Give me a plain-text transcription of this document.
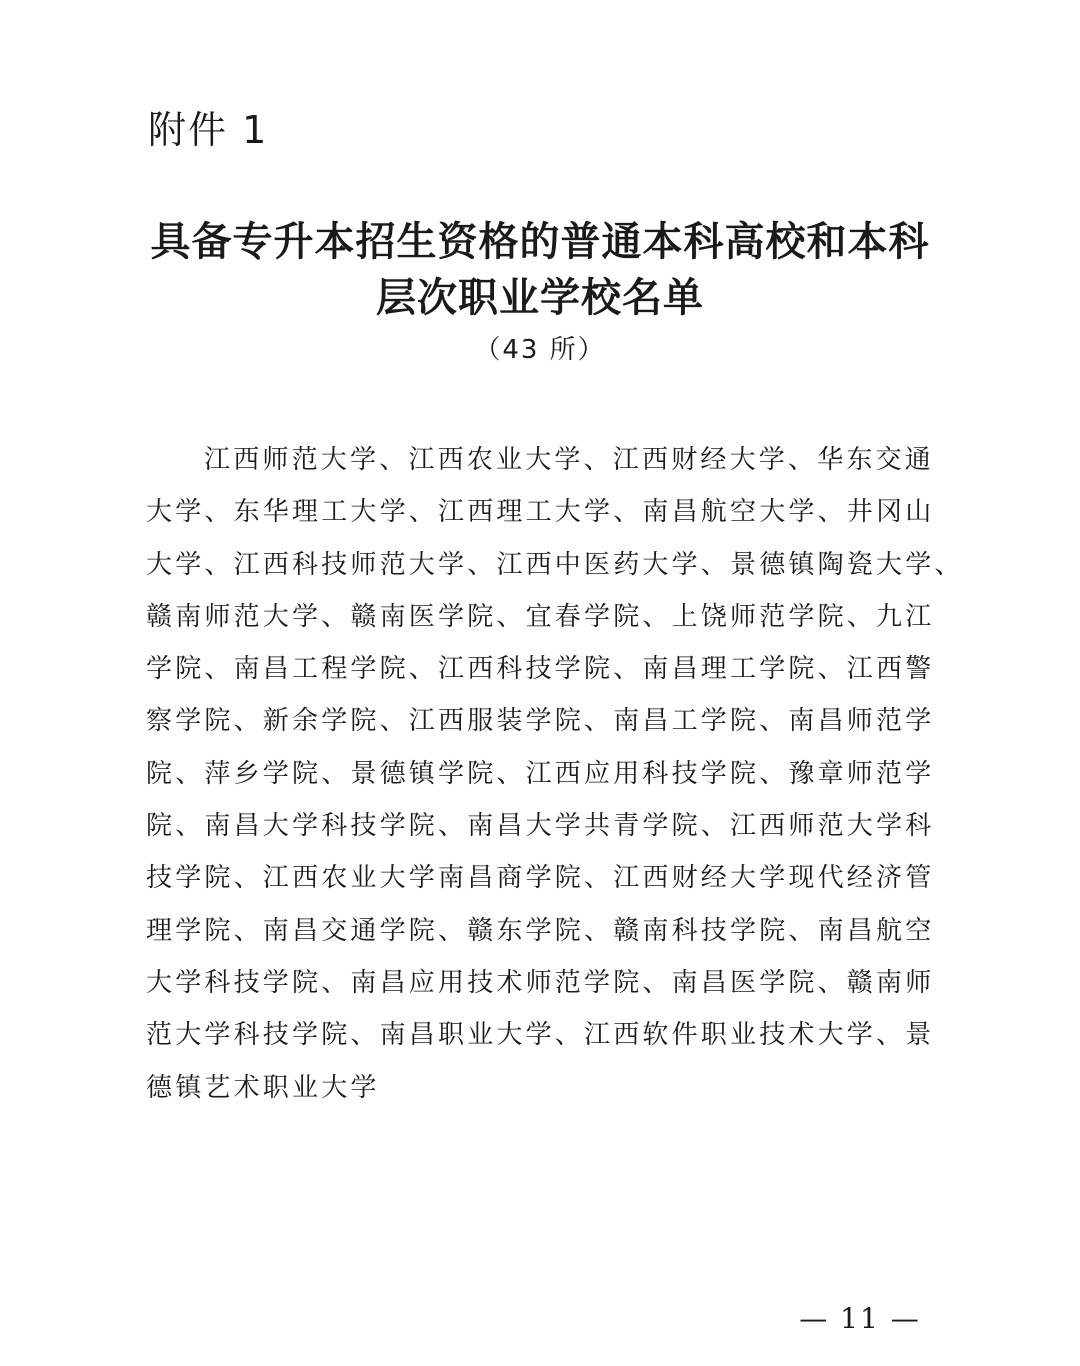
附件 1
具备专升本招生资格的普通本科高校和本科
层次职业学校名单
（43 所）
江西师范大学、江西农业大学、江西财经大学、华东交通
大学、东华理工大学、江西理工大学、南昌航空大学、井冈山
大学、江西科技师范大学、江西中医药大学、景德镇陶瓷大学、
赣南师范大学、赣南医学院、宜春学院、上饶师范学院、九江
学院、南昌工程学院、江西科技学院、南昌理工学院、江西警
察学院、新余学院、江西服装学院、南昌工学院、南昌师范学
院、萍乡学院、景德镇学院、江西应用科技学院、豫章师范学
院、南昌大学科技学院、南昌大学共青学院、江西师范大学科
技学院、江西农业大学南昌商学院、江西财经大学现代经济管
理学院、南昌交通学院、赣东学院、赣南科技学院、南昌航空
大学科技学院、南昌应用技术师范学院、南昌医学院、赣南师
范大学科技学院、南昌职业大学、江西软件职业技术大学、景
德镇艺术职业大学
— 11 —
